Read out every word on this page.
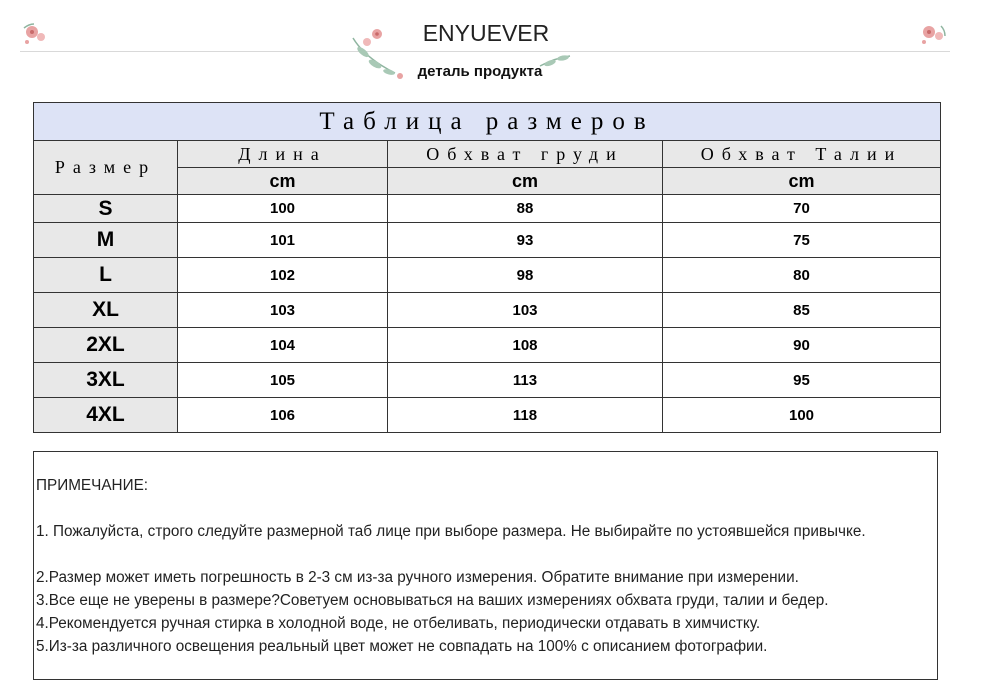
ENYUEVER
деталь продукта
Таблица размеров			
Размер	Длина	Обхват груди	Обхват Талии
	cm	cm	cm
S	100	88	70
M	101	93	75
L	102	98	80
XL	103	103	85
2XL	104	108	90
3XL	105	113	95
4XL	106	118	100

ПРИМЕЧАНИЕ:

1. Пожалуйста, строго следуйте размерной таб лице при выборе размера. Не выбирайте по устоявшейся привычке.

2.Размер может иметь погрешность в 2-3 см из-за ручного измерения. Обратите внимание при измерении.

3.Все еще не уверены в размере?Советуем основываться на ваших измерениях обхвата груди, талии и бедер.

4.Рекомендуется ручная стирка в холодной воде, не отбеливать, периодически отдавать в химчистку.

5.Из-за различного освещения реальный цвет может не совпадать на 100% с описанием фотографии.
